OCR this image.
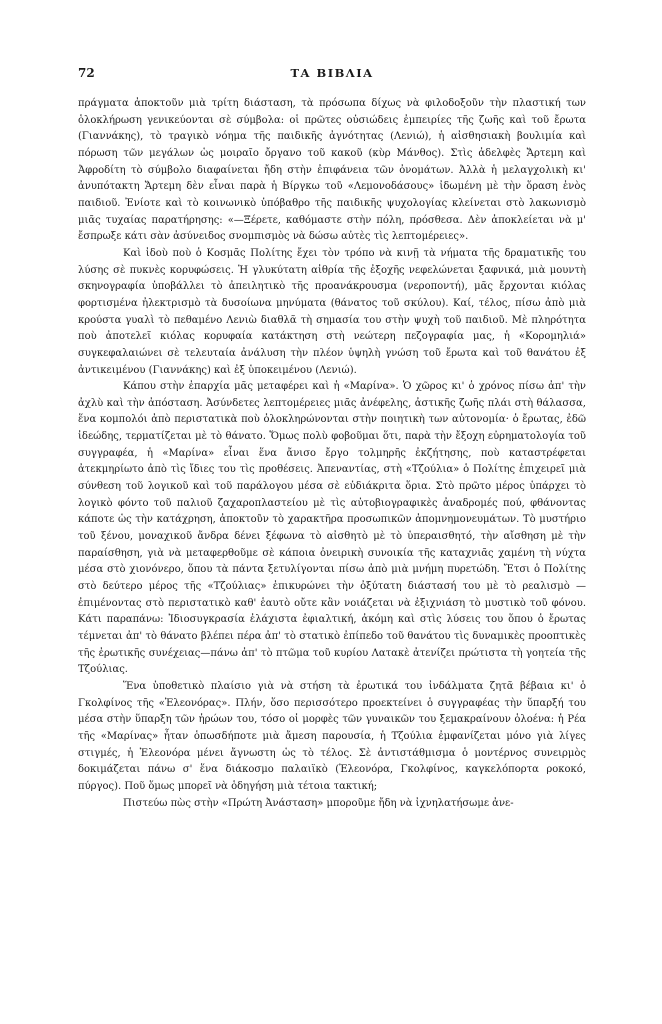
72	ΤΑ ΒΙΒΛΙΑ

πράγματα ἀποκτοῦν μιὰ τρίτη διάσταση, τὰ πρόσωπα δίχως νὰ φιλοδοξοῦν τὴν πλαστική των ὁλοκλήρωση γενικεύονται σὲ σύμβολα: οἱ πρῶτες οὐσιώδεις ἐμπειρίες τῆς ζωῆς καὶ τοῦ ἔρωτα (Γιαννάκης), τὸ τραγικὸ νόημα τῆς παιδικῆς ἀγνότητας (Λενιώ), ἡ αἰσθησιακὴ βουλιμία καὶ πόρωση τῶν μεγάλων ὡς μοιραῖο ὄργανο τοῦ κακοῦ (κὺρ Μάνθος). Στὶς ἀδελφὲς Ἄρτεμη καὶ Ἀφροδίτη τὸ σύμβολο διαφαίνεται ἤδη στὴν ἐπιφάνεια τῶν ὀνομάτων. Ἀλλὰ ἡ μελαγχολικὴ κι' ἀνυπότακτη Ἄρτεμη δὲν εἶναι παρὰ ἡ Βίργκω τοῦ «Λεμονοδάσους» ἰδωμένη μὲ τὴν ὅραση ἑνὸς παιδιοῦ. Ἐνίοτε καὶ τὸ κοινωνικὸ ὑπόβαθρο τῆς παιδικῆς ψυχολογίας κλείνεται στὸ λακωνισμὸ μιᾶς τυχαίας παρατήρησης: «—Ξέρετε, καθόμαστε στὴν πόλη, πρόσθεσα. Δὲν ἀποκλείεται νὰ μ' ἔσπρωξε κάτι σὰν ἀσύνειδος σνομπισμὸς νὰ δώσω αὐτὲς τὶς λεπτομέρειες».

Καὶ ἰδοὺ ποὺ ὁ Κοσμᾶς Πολίτης ἔχει τὸν τρόπο νὰ κινῇ τὰ νήματα τῆς δραματικῆς του λύσης σὲ πυκνὲς κορυφώσεις. Ἡ γλυκύτατη αἰθρία τῆς ἐξοχῆς νεφελώνεται ξαφνικά, μιὰ μουντὴ σκηνογραφία ὑποβάλλει τὸ ἀπειλητικὸ τῆς προανάκρουσμα (νεροποντή), μᾶς ἔρχονται κιόλας φορτισμένα ἠλεκτρισμὸ τὰ δυσοίωνα μηνύματα (θάνατος τοῦ σκύλου). Καί, τέλος, πίσω ἀπὸ μιὰ κρούστα γυαλὶ τὸ πεθαμένο Λενιὼ διαθλᾶ τὴ σημασία του στὴν ψυχὴ τοῦ παιδιοῦ. Μὲ πληρότητα ποὺ ἀποτελεῖ κιόλας κορυφαία κατάκτηση στὴ νεώτερη πεζογραφία μας, ἡ «Κορομηλιά» συγκεφαλαιώνει σὲ τελευταία ἀνάλυση τὴν πλέον ὑψηλὴ γνώση τοῦ ἔρωτα καὶ τοῦ θανάτου ἐξ ἀντικειμένου (Γιαννάκης) καὶ ἐξ ὑποκειμένου (Λενιώ).

Κάπου στὴν ἐπαρχία μᾶς μεταφέρει καὶ ἡ «Μαρίνα». Ὁ χῶρος κι' ὁ χρόνος πίσω ἀπ' τὴν ἀχλὺ καὶ τὴν ἀπόσταση. Ἀσύνδετες λεπτομέρειες μιᾶς ἀνέφελης, ἀστικῆς ζωῆς πλάι στὴ θάλασσα, ἕνα κομπολόι ἀπὸ περιστατικὰ ποὺ ὁλοκληρώνονται στὴν ποιητικὴ των αὐτονομία· ὁ ἔρωτας, ἐδῶ ἰδεώδης, τερματίζεται μὲ τὸ θάνατο. Ὅμως πολὺ φοβοῦμαι ὅτι, παρὰ τὴν ἔξοχη εὐρηματολογία τοῦ συγγραφέα, ἡ «Μαρίνα» εἶναι ἕνα ἄνισο ἔργο τολμηρῆς ἐκζήτησης, ποὺ καταστρέφεται ἀτεκμηρίωτο ἀπὸ τὶς ἴδιες του τὶς προθέσεις. Ἀπεναντίας, στὴ «Τζούλια» ὁ Πολίτης ἐπιχειρεῖ μιὰ σύνθεση τοῦ λογικοῦ καὶ τοῦ παράλογου μέσα σὲ εὐδιάκριτα ὅρια. Στὸ πρῶτο μέρος ὑπάρχει τὸ λογικὸ φόντο τοῦ παλιοῦ ζαχαροπλαστείου μὲ τὶς αὐτοβιογραφικὲς ἀναδρομές πού, φθάνοντας κάποτε ὡς τὴν κατάχρηση, ἀποκτοῦν τὸ χαρακτῆρα προσωπικῶν ἀπομνημονευμάτων. Τὸ μυστήριο τοῦ ξένου, μοναχικοῦ ἄνδρα δένει ξέφωνα τὸ αἰσθητὸ μὲ τὸ ὑπεραισθητό, τὴν αἴσθηση μὲ τὴν παραίσθηση, γιὰ νὰ μεταφερθοῦμε σὲ κάποια ὀνειρικὴ συνοικία τῆς καταχνιᾶς χαμένη τὴ νύχτα μέσα στὸ χιονόνερο, ὅπου τὰ πάντα ξετυλίγονται πίσω ἀπὸ μιὰ μνήμη πυρετώδη. Ἔτσι ὁ Πολίτης στὸ δεύτερο μέρος τῆς «Τζούλιας» ἐπικυρώνει τὴν ὀξύτατη διάστασή του μὲ τὸ ρεαλισμὸ —ἐπιμένοντας στὸ περιστατικὸ καθ' ἑαυτὸ οὔτε κἂν νοιάζεται νὰ ἐξιχνιάση τὸ μυστικὸ τοῦ φόνου. Κάτι παραπάνω: Ἰδιοσυγκρασία ἐλάχιστα ἐφιαλτική, ἀκόμη καὶ στὶς λύσεις του ὅπου ὁ ἔρωτας τέμνεται ἀπ' τὸ θάνατο βλέπει πέρα ἀπ' τὸ στατικὸ ἐπίπεδο τοῦ θανάτου τὶς δυναμικὲς προοπτικὲς τῆς ἐρωτικῆς συνέχειας—πάνω ἀπ' τὸ πτῶμα τοῦ κυρίου Λατακὲ ἀτενίζει πρώτιστα τὴ γοητεία τῆς Τζούλιας.

Ἕνα ὑποθετικὸ πλαίσιο γιὰ νὰ στήση τὰ ἐρωτικά του ἰνδάλματα ζητᾶ βέβαια κι' ὁ Γκολφίνος τῆς «Ἐλεονόρας». Πλήν, ὅσο περισσότερο προεκτείνει ὁ συγγραφέας τὴν ὕπαρξή του μέσα στὴν ὕπαρξη τῶν ἡρώων του, τόσο οἱ μορφὲς τῶν γυναικῶν του ξεμακραίνουν ὁλοένα: ἡ Ρέα τῆς «Μαρίνας» ἦταν ὁπωσδήποτε μιὰ ἄμεση παρουσία, ἡ Τζούλια ἐμφανίζεται μόνο γιὰ λίγες στιγμές, ἡ Ἐλεονόρα μένει ἄγνωστη ὡς τὸ τέλος. Σὲ ἀντιστάθμισμα ὁ μοντέρνος συνειρμὸς δοκιμάζεται πάνω σ' ἕνα διάκοσμο παλαιϊκὸ (Ἐλεονόρα, Γκολφίνος, καγκελόπορτα ροκοκό, πύργος). Ποῦ ὅμως μπορεῖ νὰ ὁδηγήση μιὰ τέτοια τακτική;

Πιστεύω πὼς στὴν «Πρώτη Ἀνάσταση» μποροῦμε ἤδη νὰ ἰχνηλατήσωμε ἀνε-
